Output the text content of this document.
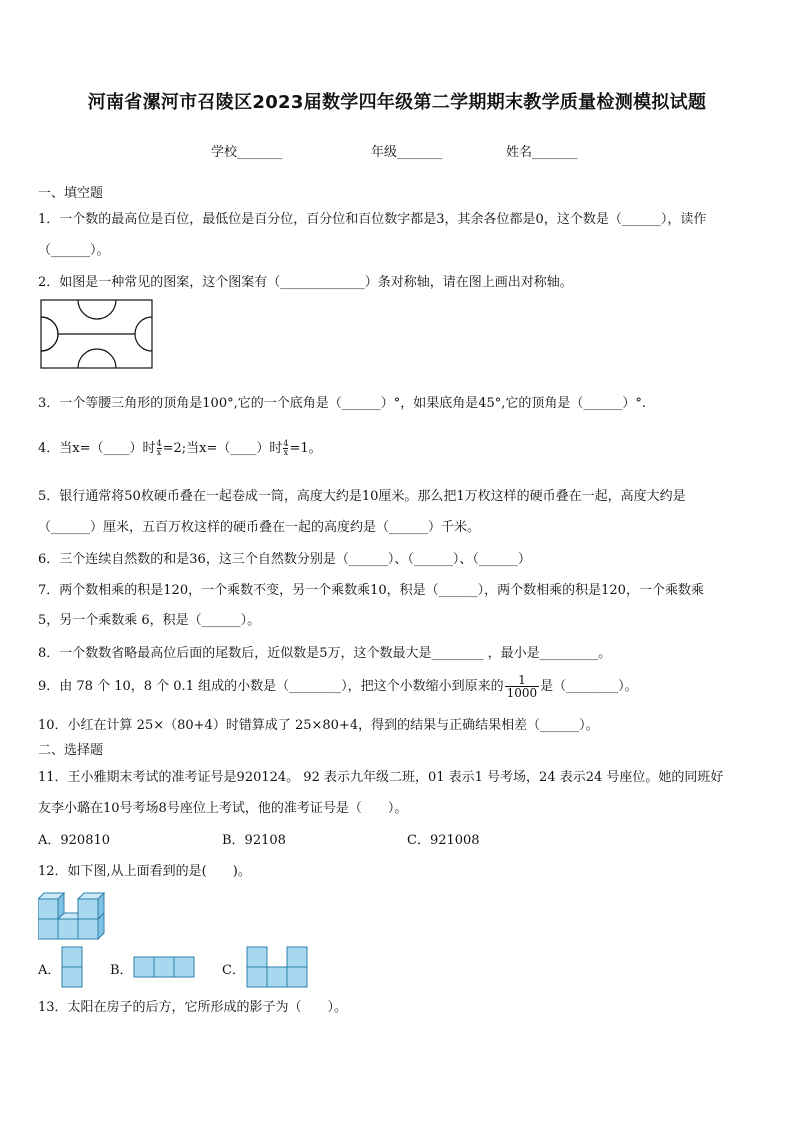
河南省漯河市召陵区2023届数学四年级第二学期期末教学质量检测模拟试题
学校_______	年级_______	姓名_______
一、填空题
1．一个数的最高位是百位，最低位是百分位，百分位和百位数字都是3，其余各位都是0，这个数是（______），读作
（______）。
2．如图是一种常见的图案，这个图案有（_____________）条对称轴，请在图上画出对称轴。
3．一个等腰三角形的顶角是100°,它的一个底角是（______）°，如果底角是45°,它的顶角是（______）°.
4．当x=（____）时 $\frac{4}{x}=2$;当x=（____）时 $\frac{4}{x}=1$。
5．银行通常将50枚硬币叠在一起卷成一筒，高度大约是10厘米。那么把1万枚这样的硬币叠在一起，高度大约是
（______）厘米，五百万枚这样的硬币叠在一起的高度约是（______）千米。
6．三个连续自然数的和是36，这三个自然数分别是（______）、（______）、（______）
7．两个数相乘的积是120，一个乘数不变，另一个乘数乘10，积是（______），两个数相乘的积是120，一个乘数乘
5，另一个乘数乘 6，积是（______）。
8．一个数数省略最高位后面的尾数后，近似数是5万，这个数最大是________ ，最小是_________。
9．由 78 个 10，8 个 0.1 组成的小数是（________），把这个小数缩小到原来的 $\frac{1}{1000}$ 是（________）。
10．小红在计算 25×（80+4）时错算成了 25×80+4，得到的结果与正确结果相差（______）。
二、选择题
11．王小雅期末考试的准考证号是920124。 92 表示九年级二班，01 表示1 号考场，24 表示24 号座位。她的同班好
友李小璐在10号考场8号座位上考试，他的准考证号是（　　）。
A．920810	B．92108	C．921008
12．如下图,从上面看到的是(　　)。
A．	B．	C．
13．太阳在房子的后方，它所形成的影子为（　　）。
